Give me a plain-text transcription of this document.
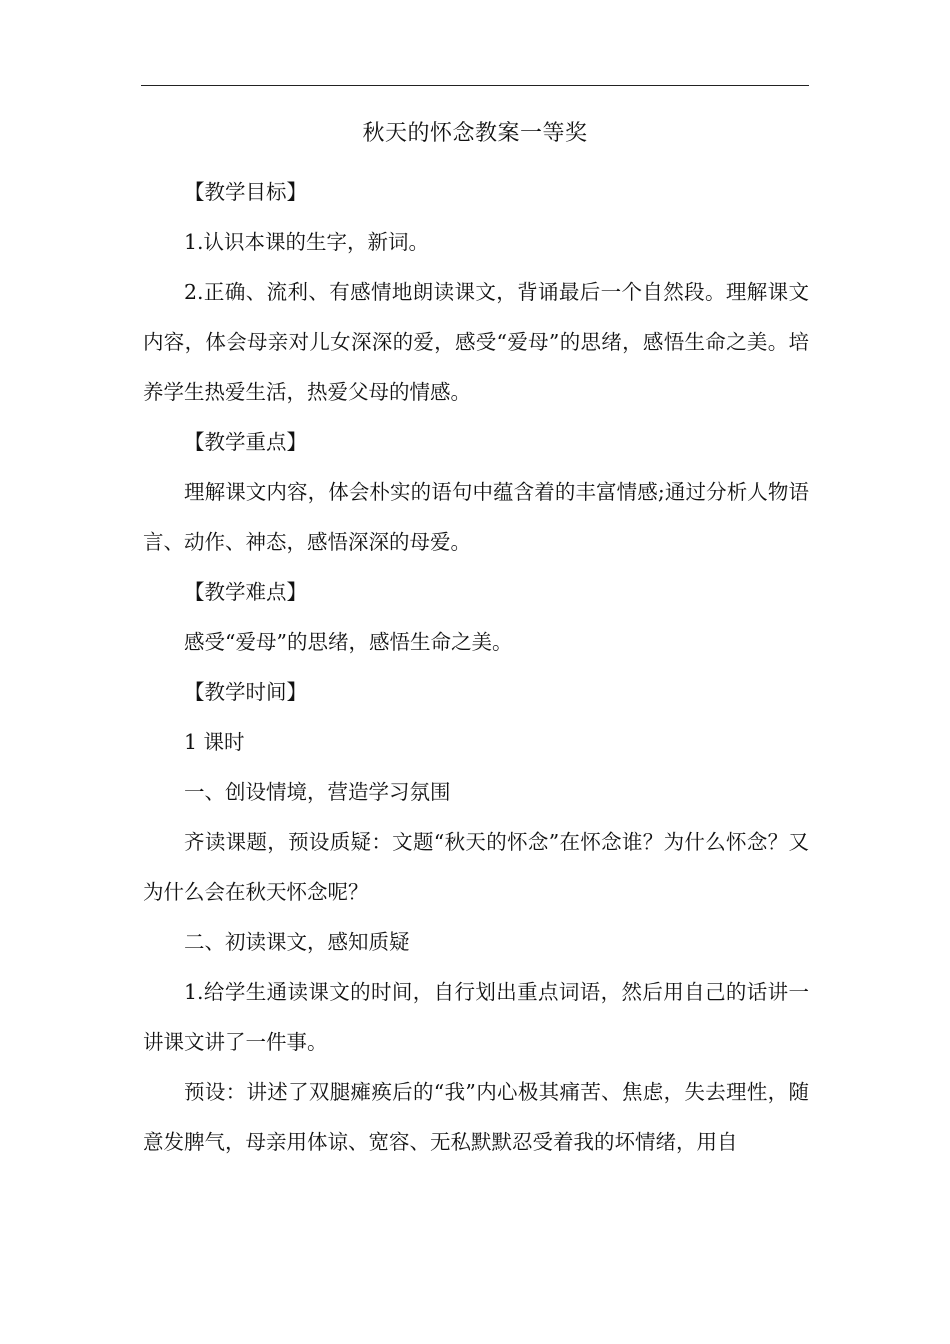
秋天的怀念教案一等奖

【教学目标】

1.认识本课的生字，新词。

2.正确、流利、有感情地朗读课文，背诵最后一个自然段。理解课文内容，体会母亲对儿女深深的爱，感受“爱母”的思绪，感悟生命之美。培养学生热爱生活，热爱父母的情感。

【教学重点】

理解课文内容，体会朴实的语句中蕴含着的丰富情感;通过分析人物语言、动作、神态，感悟深深的母爱。

【教学难点】

感受“爱母”的思绪，感悟生命之美。

【教学时间】

1 课时

一、创设情境，营造学习氛围

齐读课题，预设质疑：文题“秋天的怀念”在怀念谁？为什么怀念？又为什么会在秋天怀念呢？

二、初读课文，感知质疑

1.给学生通读课文的时间，自行划出重点词语，然后用自己的话讲一讲课文讲了一件事。

预设：讲述了双腿瘫痪后的“我”内心极其痛苦、焦虑，失去理性，随意发脾气，母亲用体谅、宽容、无私默默忍受着我的坏情绪，用自
